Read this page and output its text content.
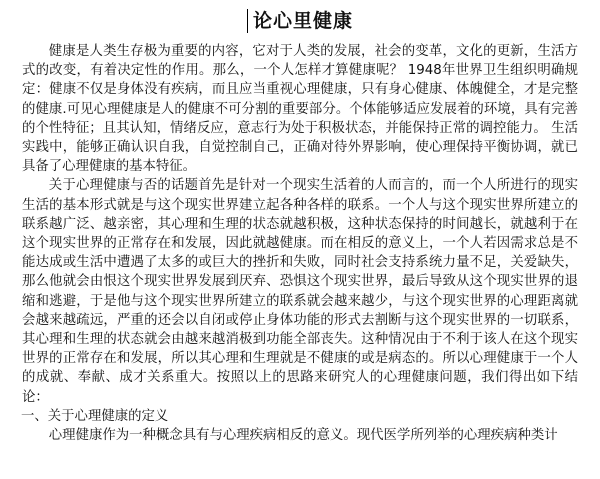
论心里健康

健康是人类生存极为重要的内容，它对于人类的发展，社会的变革，文化的更新，生活方式的改变，有着决定性的作用。那么，一个人怎样才算健康呢？ 1948年世界卫生组织明确规定：健康不仅是身体没有疾病，而且应当重视心理健康，只有身心健康、体魄健全，才是完整的健康.可见心理健康是人的健康不可分割的重要部分。个体能够适应发展着的环境，具有完善的个性特征；且其认知，情绪反应，意志行为处于积极状态，并能保持正常的调控能力。 生活实践中，能够正确认识自我，自觉控制自己，正确对待外界影响，使心理保持平衡协调，就已具备了心理健康的基本特征。

关于心理健康与否的话题首先是针对一个现实生活着的人而言的，而一个人所进行的现实生活的基本形式就是与这个现实世界建立起各种各样的联系。一个人与这个现实世界所建立的联系越广泛、越亲密，其心理和生理的状态就越积极，这种状态保持的时间越长，就越利于在这个现实世界的正常存在和发展，因此就越健康。而在相反的意义上，一个人若因需求总是不能达成或生活中遭遇了太多的或巨大的挫折和失败，同时社会支持系统力量不足，关爱缺失，那么他就会由恨这个现实世界发展到厌弃、恐惧这个现实世界，最后导致从这个现实世界的退缩和逃避，于是他与这个现实世界所建立的联系就会越来越少，与这个现实世界的心理距离就会越来越疏远，严重的还会以自闭或停止身体功能的形式去割断与这个现实世界的一切联系，其心理和生理的状态就会由越来越消极到功能全部丧失。这种情况由于不利于该人在这个现实世界的正常存在和发展，所以其心理和生理就是不健康的或是病态的。所以心理健康于一个人的成就、奉献、成才关系重大。按照以上的思路来研究人的心理健康问题，我们得出如下结论：

一、关于心理健康的定义

心理健康作为一种概念具有与心理疾病相反的意义。现代医学所列举的心理疾病种类计
